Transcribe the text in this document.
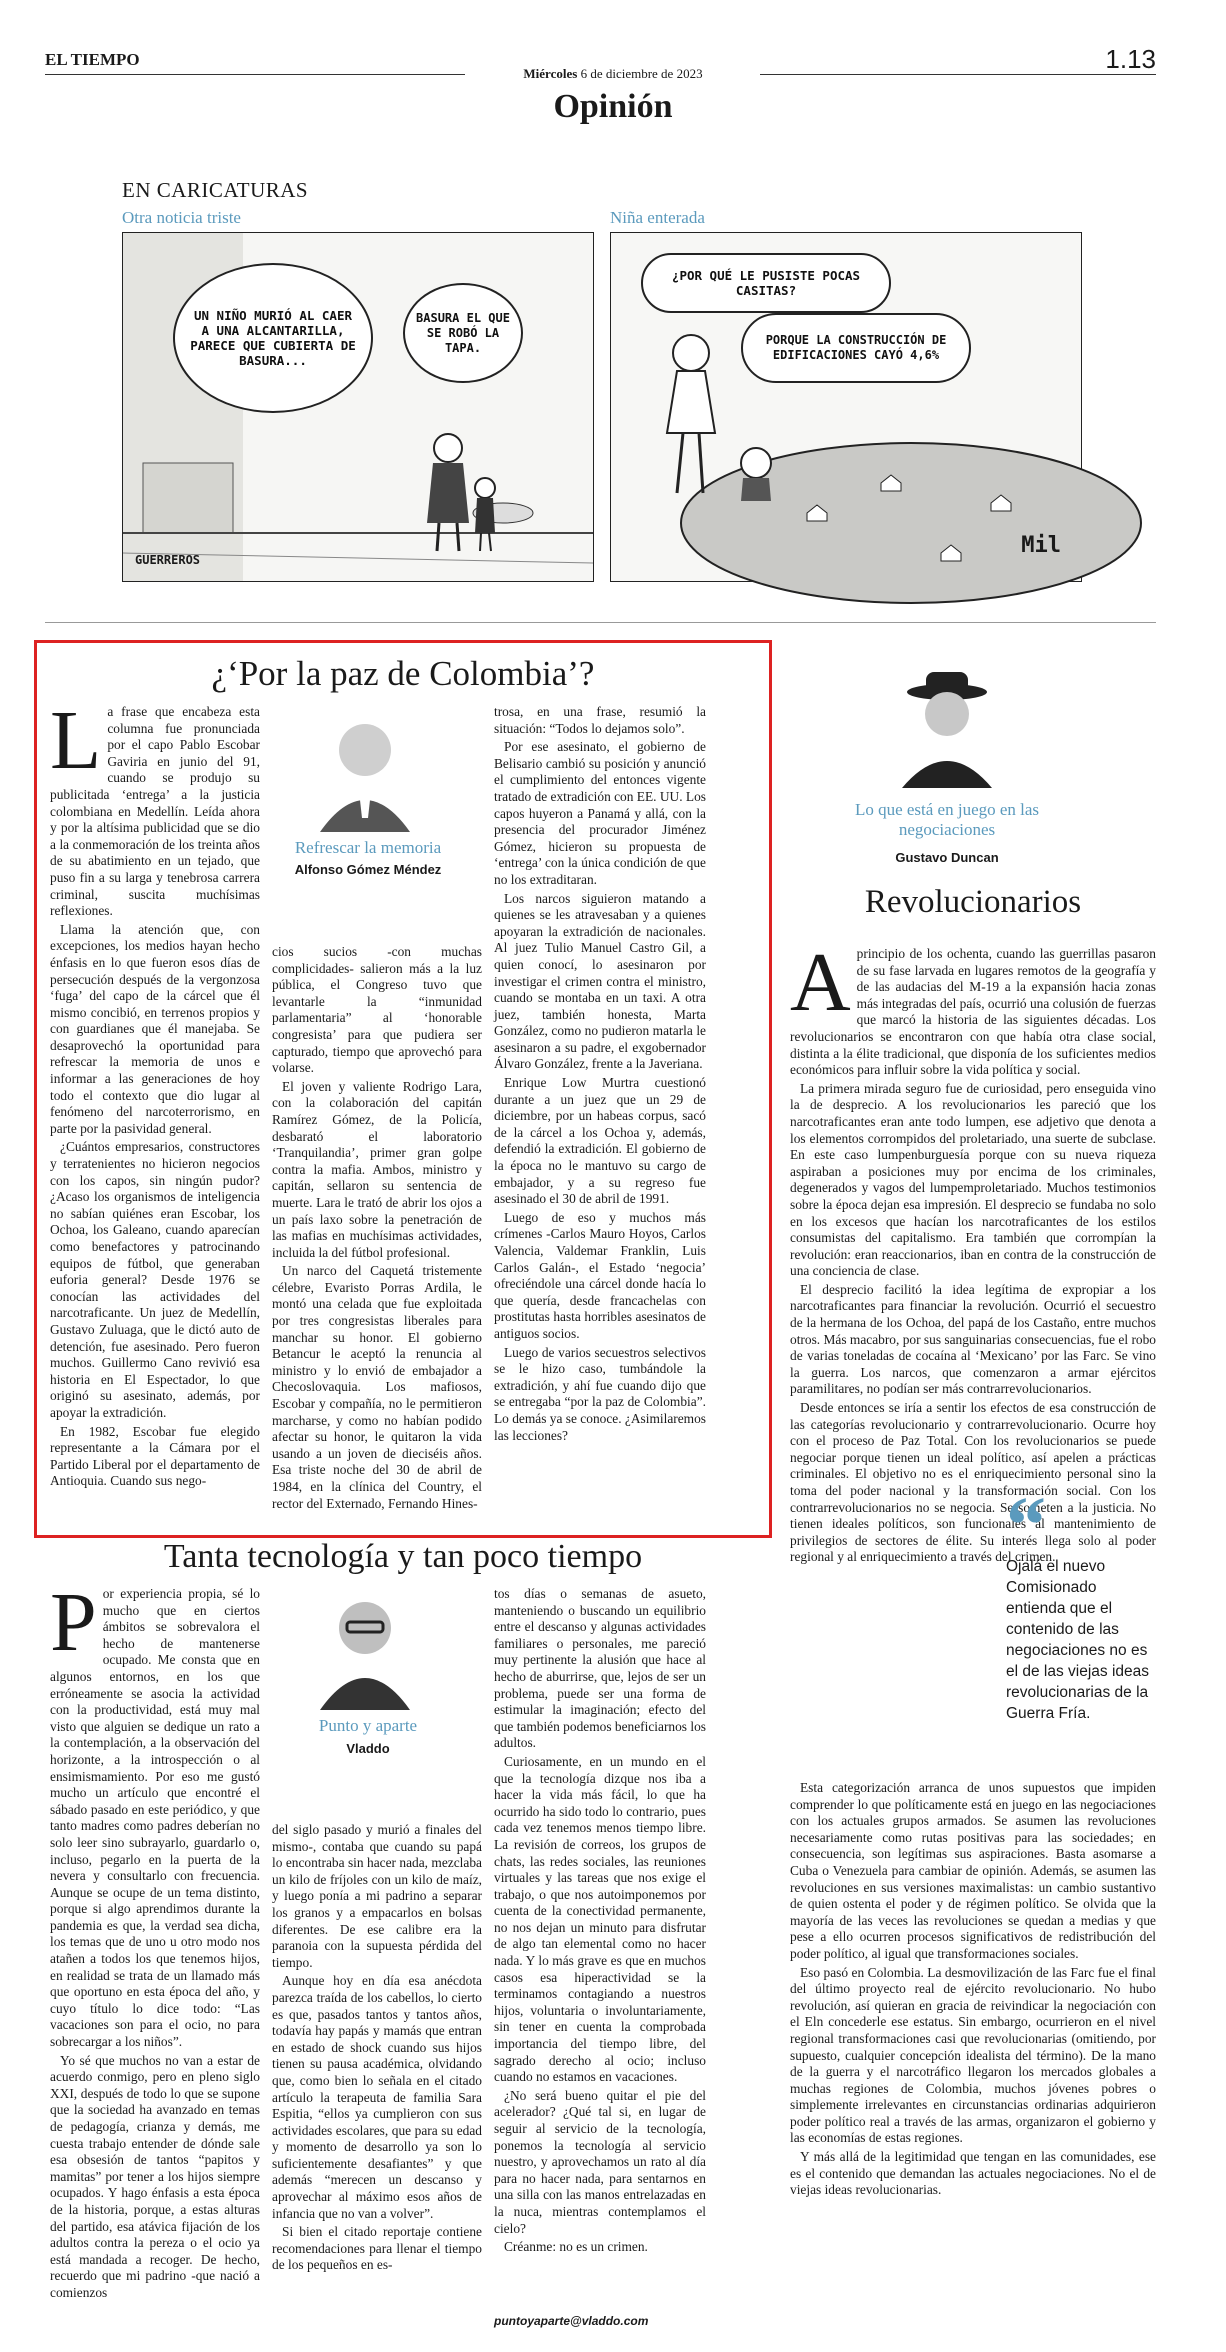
EL TIEMPO
Miércoles 6 de diciembre de 2023	1.13
Opinión
EN CARICATURAS
Otra noticia triste	Niña enterada
UN NIÑO MURIÓ AL CAER A UNA ALCANTARILLA, PARECE QUE CUBIERTA DE BASURA...
BASURA EL QUE SE ROBÓ LA TAPA.
GUERREROS
¿POR QUÉ LE PUSISTE POCAS CASITAS?
PORQUE LA CONSTRUCCIÓN DE EDIFICACIONES CAYÓ 4,6%
Mil
¿‘Por la paz de Colombia’?
L a frase que encabeza esta columna fue pronunciada por el capo Pablo Escobar Gaviria en junio del 91, cuando se produjo su publicitada ‘entrega’ a la justicia colombiana en Medellín. Leída ahora y por la altísima publicidad que se dio a la conmemoración de los treinta años de su abatimiento en un tejado, que puso fin a su larga y tenebrosa carrera criminal, suscita muchísimas reflexiones.

Llama la atención que, con excepciones, los medios hayan hecho énfasis en lo que fueron esos días de persecución después de la vergonzosa ‘fuga’ del capo de la cárcel que él mismo concibió, en terrenos propios y con guardianes que él manejaba. Se desaprovechó la oportunidad para refrescar la memoria de unos e informar a las generaciones de hoy todo el contexto que dio lugar al fenómeno del narcoterrorismo, en parte por la pasividad general.

¿Cuántos empresarios, constructores y terratenientes no hicieron negocios con los capos, sin ningún pudor? ¿Acaso los organismos de inteligencia no sabían quiénes eran Escobar, los Ochoa, los Galeano, cuando aparecían como benefactores y patrocinando equipos de fútbol, que generaban euforia general? Desde 1976 se conocían las actividades del narcotraficante. Un juez de Medellín, Gustavo Zuluaga, que le dictó auto de detención, fue asesinado. Pero fueron muchos. Guillermo Cano revivió esa historia en El Espectador, lo que originó su asesinato, además, por apoyar la extradición.

En 1982, Escobar fue elegido representante a la Cámara por el Partido Liberal por el departamento de Antioquia. Cuando sus nego-

Refrescar la memoria
Alfonso Gómez Méndez

cios sucios -con muchas complicidades- salieron más a la luz pública, el Congreso tuvo que levantarle la “inmunidad parlamentaria” al ‘honorable congresista’ para que pudiera ser capturado, tiempo que aprovechó para volarse.

El joven y valiente Rodrigo Lara, con la colaboración del capitán Ramírez Gómez, de la Policía, desbarató el laboratorio ‘Tranquilandia’, primer gran golpe contra la mafia. Ambos, ministro y capitán, sellaron su sentencia de muerte. Lara le trató de abrir los ojos a un país laxo sobre la penetración de las mafias en muchísimas actividades, incluida la del fútbol profesional.

Un narco del Caquetá tristemente célebre, Evaristo Porras Ardila, le montó una celada que fue exploitada por tres congresistas liberales para manchar su honor. El gobierno Betancur le aceptó la renuncia al ministro y lo envió de embajador a Checoslovaquia. Los mafiosos, Escobar y compañía, no le permitieron marcharse, y como no habían podido afectar su honor, le quitaron la vida usando a un joven de dieciséis años. Esa triste noche del 30 de abril de 1984, en la clínica del Country, el rector del Externado, Fernando Hines-

trosa, en una frase, resumió la situación: “Todos lo dejamos solo”.

Por ese asesinato, el gobierno de Belisario cambió su posición y anunció el cumplimiento del entonces vigente tratado de extradición con EE. UU. Los capos huyeron a Panamá y allá, con la presencia del procurador Jiménez Gómez, hicieron su propuesta de ‘entrega’ con la única condición de que no los extraditaran.

Los narcos siguieron matando a quienes se les atravesaban y a quienes apoyaran la extradición de nacionales. Al juez Tulio Manuel Castro Gil, a quien conocí, lo asesinaron por investigar el crimen contra el ministro, cuando se montaba en un taxi. A otra juez, también honesta, Marta González, como no pudieron matarla le asesinaron a su padre, el exgobernador Álvaro González, frente a la Javeriana.

Enrique Low Murtra cuestionó durante a un juez que un 29 de diciembre, por un habeas corpus, sacó de la cárcel a los Ochoa y, además, defendió la extradición. El gobierno de la época no le mantuvo su cargo de embajador, y a su regreso fue asesinado el 30 de abril de 1991.

Luego de eso y muchos más crímenes -Carlos Mauro Hoyos, Carlos Valencia, Valdemar Franklin, Luis Carlos Galán-, el Estado ‘negocia’ ofreciéndole una cárcel donde hacía lo que quería, desde francachelas con prostitutas hasta horribles asesinatos de antiguos socios.

Luego de varios secuestros selectivos se le hizo caso, tumbándole la extradición, y ahí fue cuando dijo que se entregaba “por la paz de Colombia”. Lo demás ya se conoce. ¿Asimilaremos las lecciones?

Tanta tecnología y tan poco tiempo
P or experiencia propia, sé lo mucho que en ciertos ámbitos se sobrevalora el hecho de mantenerse ocupado. Me consta que en algunos entornos, en los que erróneamente se asocia la actividad con la productividad, está muy mal visto que alguien se dedique un rato a la contemplación, a la observación del horizonte, a la introspección o al ensimismamiento. Por eso me gustó mucho un artículo que encontré el sábado pasado en este periódico, y que tanto madres como padres deberían no solo leer sino subrayarlo, guardarlo o, incluso, pegarlo en la puerta de la nevera y consultarlo con frecuencia. Aunque se ocupe de un tema distinto, porque si algo aprendimos durante la pandemia es que, la verdad sea dicha, los temas que de uno u otro modo nos atañen a todos los que tenemos hijos, en realidad se trata de un llamado más que oportuno en esta época del año, y cuyo título lo dice todo: “Las vacaciones son para el ocio, no para sobrecargar a los niños”.

Yo sé que muchos no van a estar de acuerdo conmigo, pero en pleno siglo XXI, después de todo lo que se supone que la sociedad ha avanzado en temas de pedagogía, crianza y demás, me cuesta trabajo entender de dónde sale esa obsesión de tantos “papitos y mamitas” por tener a los hijos siempre ocupados. Y hago énfasis a esta época de la historia, porque, a estas alturas del partido, esa atávica fijación de los adultos contra la pereza o el ocio ya está mandada a recoger. De hecho, recuerdo que mi padrino -que nació a comienzos

Punto y aparte
Vladdo

del siglo pasado y murió a finales del mismo-, contaba que cuando su papá lo encontraba sin hacer nada, mezclaba un kilo de fríjoles con un kilo de maíz, y luego ponía a mi padrino a separar los granos y a empacarlos en bolsas diferentes. De ese calibre era la paranoia con la supuesta pérdida del tiempo.

Aunque hoy en día esa anécdota parezca traída de los cabellos, lo cierto es que, pasados tantos y tantos años, todavía hay papás y mamás que entran en estado de shock cuando sus hijos tienen su pausa académica, olvidando que, como bien lo señala en el citado artículo la terapeuta de familia Sara Espitia, “ellos ya cumplieron con sus actividades escolares, que para su edad y momento de desarrollo ya son lo suficientemente desafiantes” y que además “merecen un descanso y aprovechar al máximo esos años de infancia que no van a volver”.

Si bien el citado reportaje contiene recomendaciones para llenar el tiempo de los pequeños en es-

tos días o semanas de asueto, manteniendo o buscando un equilibrio entre el descanso y algunas actividades familiares o personales, me pareció muy pertinente la alusión que hace al hecho de aburrirse, que, lejos de ser un problema, puede ser una forma de estimular la imaginación; efecto del que también podemos beneficiarnos los adultos.

Curiosamente, en un mundo en el que la tecnología dizque nos iba a hacer la vida más fácil, lo que ha ocurrido ha sido todo lo contrario, pues cada vez tenemos menos tiempo libre. La revisión de correos, los grupos de chats, las redes sociales, las reuniones virtuales y las tareas que nos exige el trabajo, o que nos autoimponemos por cuenta de la conectividad permanente, no nos dejan un minuto para disfrutar de algo tan elemental como no hacer nada. Y lo más grave es que en muchos casos esa hiperactividad se la terminamos contagiando a nuestros hijos, voluntaria o involuntariamente, sin tener en cuenta la comprobada importancia del tiempo libre, del sagrado derecho al ocio; incluso cuando no estamos en vacaciones.

¿No será bueno quitar el pie del acelerador? ¿Qué tal si, en lugar de seguir al servicio de la tecnología, ponemos la tecnología al servicio nuestro, y aprovechamos un rato al día para no hacer nada, para sentarnos en una silla con las manos entrelazadas en la nuca, mientras contemplamos el cielo?

Créanme: no es un crimen.

puntoyaparte@vladdo.com
Lo que está en juego en las negociaciones
Gustavo Duncan
Revolucionarios
A principio de los ochenta, cuando las guerrillas pasaron de su fase larvada en lugares remotos de la geografía y de las audacias del M-19 a la expansión hacia zonas más integradas del país, ocurrió una colusión de fuerzas que marcó la historia de las siguientes décadas. Los revolucionarios se encontraron con que había otra clase social, distinta a la élite tradicional, que disponía de los suficientes medios económicos para influir sobre la vida política y social.

La primera mirada seguro fue de curiosidad, pero enseguida vino la de desprecio. A los revolucionarios les pareció que los narcotraficantes eran ante todo lumpen, ese adjetivo que denota a los elementos corrompidos del proletariado, una suerte de subclase. En este caso lumpenburguesía porque con su nueva riqueza aspiraban a posiciones muy por encima de los criminales, degenerados y vagos del lumpemproletariado. Muchos testimonios sobre la época dejan esa impresión. El desprecio se fundaba no solo en los excesos que hacían los narcotraficantes de los estilos consumistas del capitalismo. Era también que corrompían la revolución: eran reaccionarios, iban en contra de la construcción de una conciencia de clase.

El desprecio facilitó la idea legítima de expropiar a los narcotraficantes para financiar la revolución. Ocurrió el secuestro de la hermana de los Ochoa, del papá de los Castaño, entre muchos otros. Más macabro, por sus sanguinarias consecuencias, fue el robo de varias toneladas de cocaína al ‘Mexicano’ por las Farc. Se vino la guerra. Los narcos, que comenzaron a armar ejércitos paramilitares, no podían ser más contrarrevolucionarios.

Desde entonces se iría a sentir los efectos de esa construcción de las categorías revolucionario y contrarrevolucionario. Ocurre hoy con el proceso de Paz Total. Con los revolucionarios se puede negociar porque tienen un ideal político, así apelen a prácticas criminales. El objetivo no es el enriquecimiento personal sino la toma del poder nacional y la transformación social. Con los contrarrevolucionarios no se negocia. Se someten a la justicia. No tienen ideales políticos, son funcionales al mantenimiento de privilegios de sectores de élite. Su interés llega solo al poder regional y al enriquecimiento a través del crimen.

“
Ojalá el nuevo Comisionado entienda que el contenido de las negociaciones no es el de las viejas ideas revolucionarias de la Guerra Fría.

Esta categorización arranca de unos supuestos que impiden comprender lo que políticamente está en juego en las negociaciones con los actuales grupos armados. Se asumen las revoluciones necesariamente como rutas positivas para las sociedades; en consecuencia, son legítimas sus aspiraciones. Basta asomarse a Cuba o Venezuela para cambiar de opinión. Además, se asumen las revoluciones en sus versiones maximalistas: un cambio sustantivo de quien ostenta el poder y de régimen político. Se olvida que la mayoría de las veces las revoluciones se quedan a medias y que pese a ello ocurren procesos significativos de redistribución del poder político, al igual que transformaciones sociales.

Eso pasó en Colombia. La desmovilización de las Farc fue el final del último proyecto real de ejército revolucionario. No hubo revolución, así quieran en gracia de reivindicar la negociación con el Eln concederle ese estatus. Sin embargo, ocurrieron en el nivel regional transformaciones casi que revolucionarias (omitiendo, por supuesto, cualquier concepción idealista del término). De la mano de la guerra y el narcotráfico llegaron los mercados globales a muchas regiones de Colombia, muchos jóvenes pobres o simplemente irrelevantes en circunstancias ordinarias adquirieron poder político real a través de las armas, organizaron el gobierno y las economías de estas regiones.

Y más allá de la legitimidad que tengan en las comunidades, ese es el contenido que demandan las actuales negociaciones. No el de viejas ideas revolucionarias.
